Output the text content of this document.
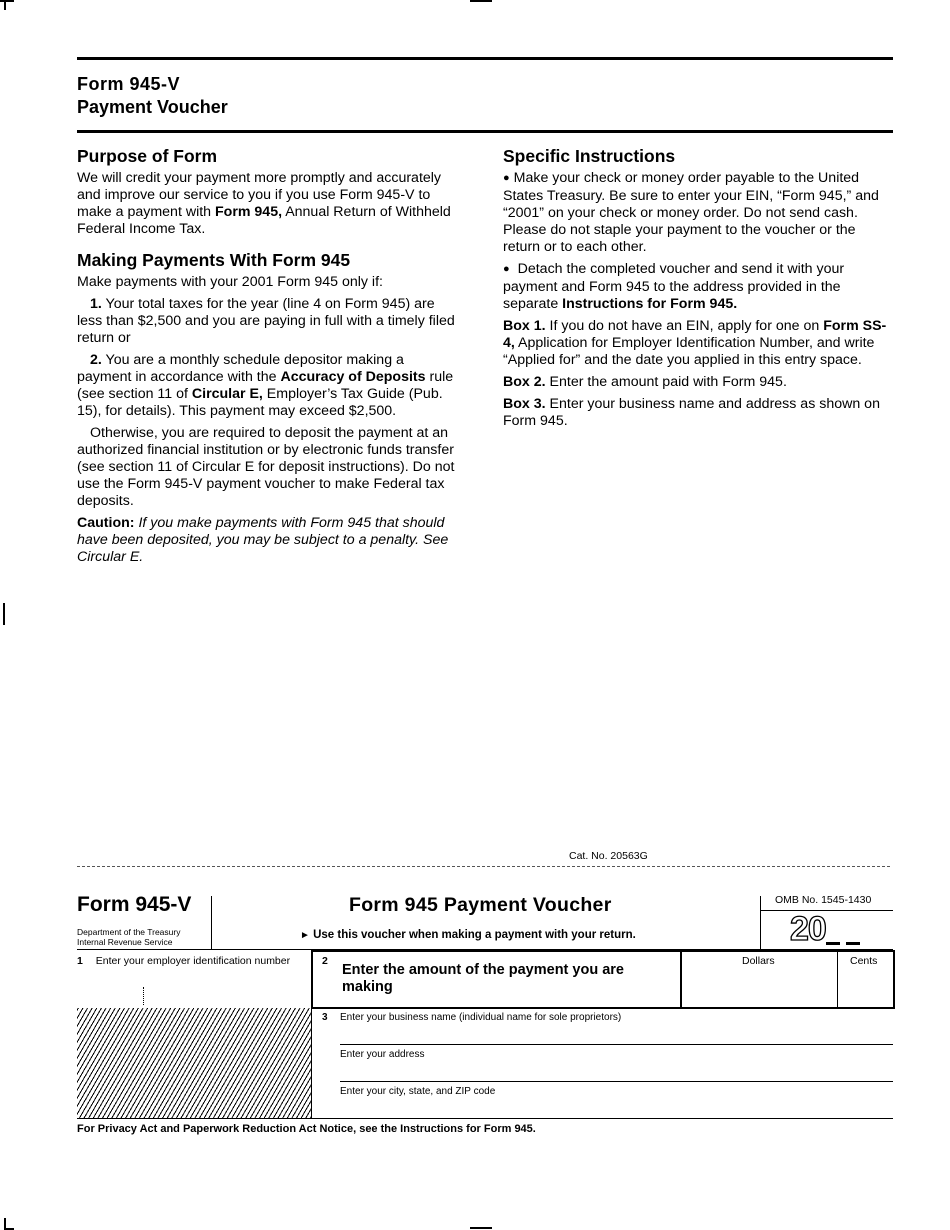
Form 945-V
Payment Voucher
Purpose of Form

We will credit your payment more promptly and accurately and improve our service to you if you use Form 945-V to make a payment with Form 945, Annual Return of Withheld Federal Income Tax.

Making Payments With Form 945

Make payments with your 2001 Form 945 only if:

1. Your total taxes for the year (line 4 on Form 945) are less than $2,500 and you are paying in full with a timely filed return or

2. You are a monthly schedule depositor making a payment in accordance with the Accuracy of Deposits rule (see section 11 of Circular E, Employer’s Tax Guide (Pub. 15), for details). This payment may exceed $2,500.

Otherwise, you are required to deposit the payment at an authorized financial institution or by electronic funds transfer (see section 11 of Circular E for deposit instructions). Do not use the Form 945-V payment voucher to make Federal tax deposits.

Caution: If you make payments with Form 945 that should have been deposited, you may be subject to a penalty. See Circular E.

Specific Instructions

● Make your check or money order payable to the United States Treasury. Be sure to enter your EIN, “Form 945,” and “2001” on your check or money order. Do not send cash. Please do not staple your payment to the voucher or the return or to each other.

● Detach the completed voucher and send it with your payment and Form 945 to the address provided in the separate Instructions for Form 945.

Box 1. If you do not have an EIN, apply for one on Form SS-4, Application for Employer Identification Number, and write “Applied for” and the date you applied in this entry space.

Box 2. Enter the amount paid with Form 945.

Box 3. Enter your business name and address as shown on Form 945.

Cat. No. 20563G
Form 945-V
Department of the Treasury
Internal Revenue Service
Form 945 Payment Voucher
► Use this voucher when making a payment with your return.
OMB No. 1545-1430
20
1 Enter your employer identification number	2
Enter the amount of the payment you are making
Dollars	Cents
3 Enter your business name (individual name for sole proprietors)
Enter your address
Enter your city, state, and ZIP code
For Privacy Act and Paperwork Reduction Act Notice, see the Instructions for Form 945.
